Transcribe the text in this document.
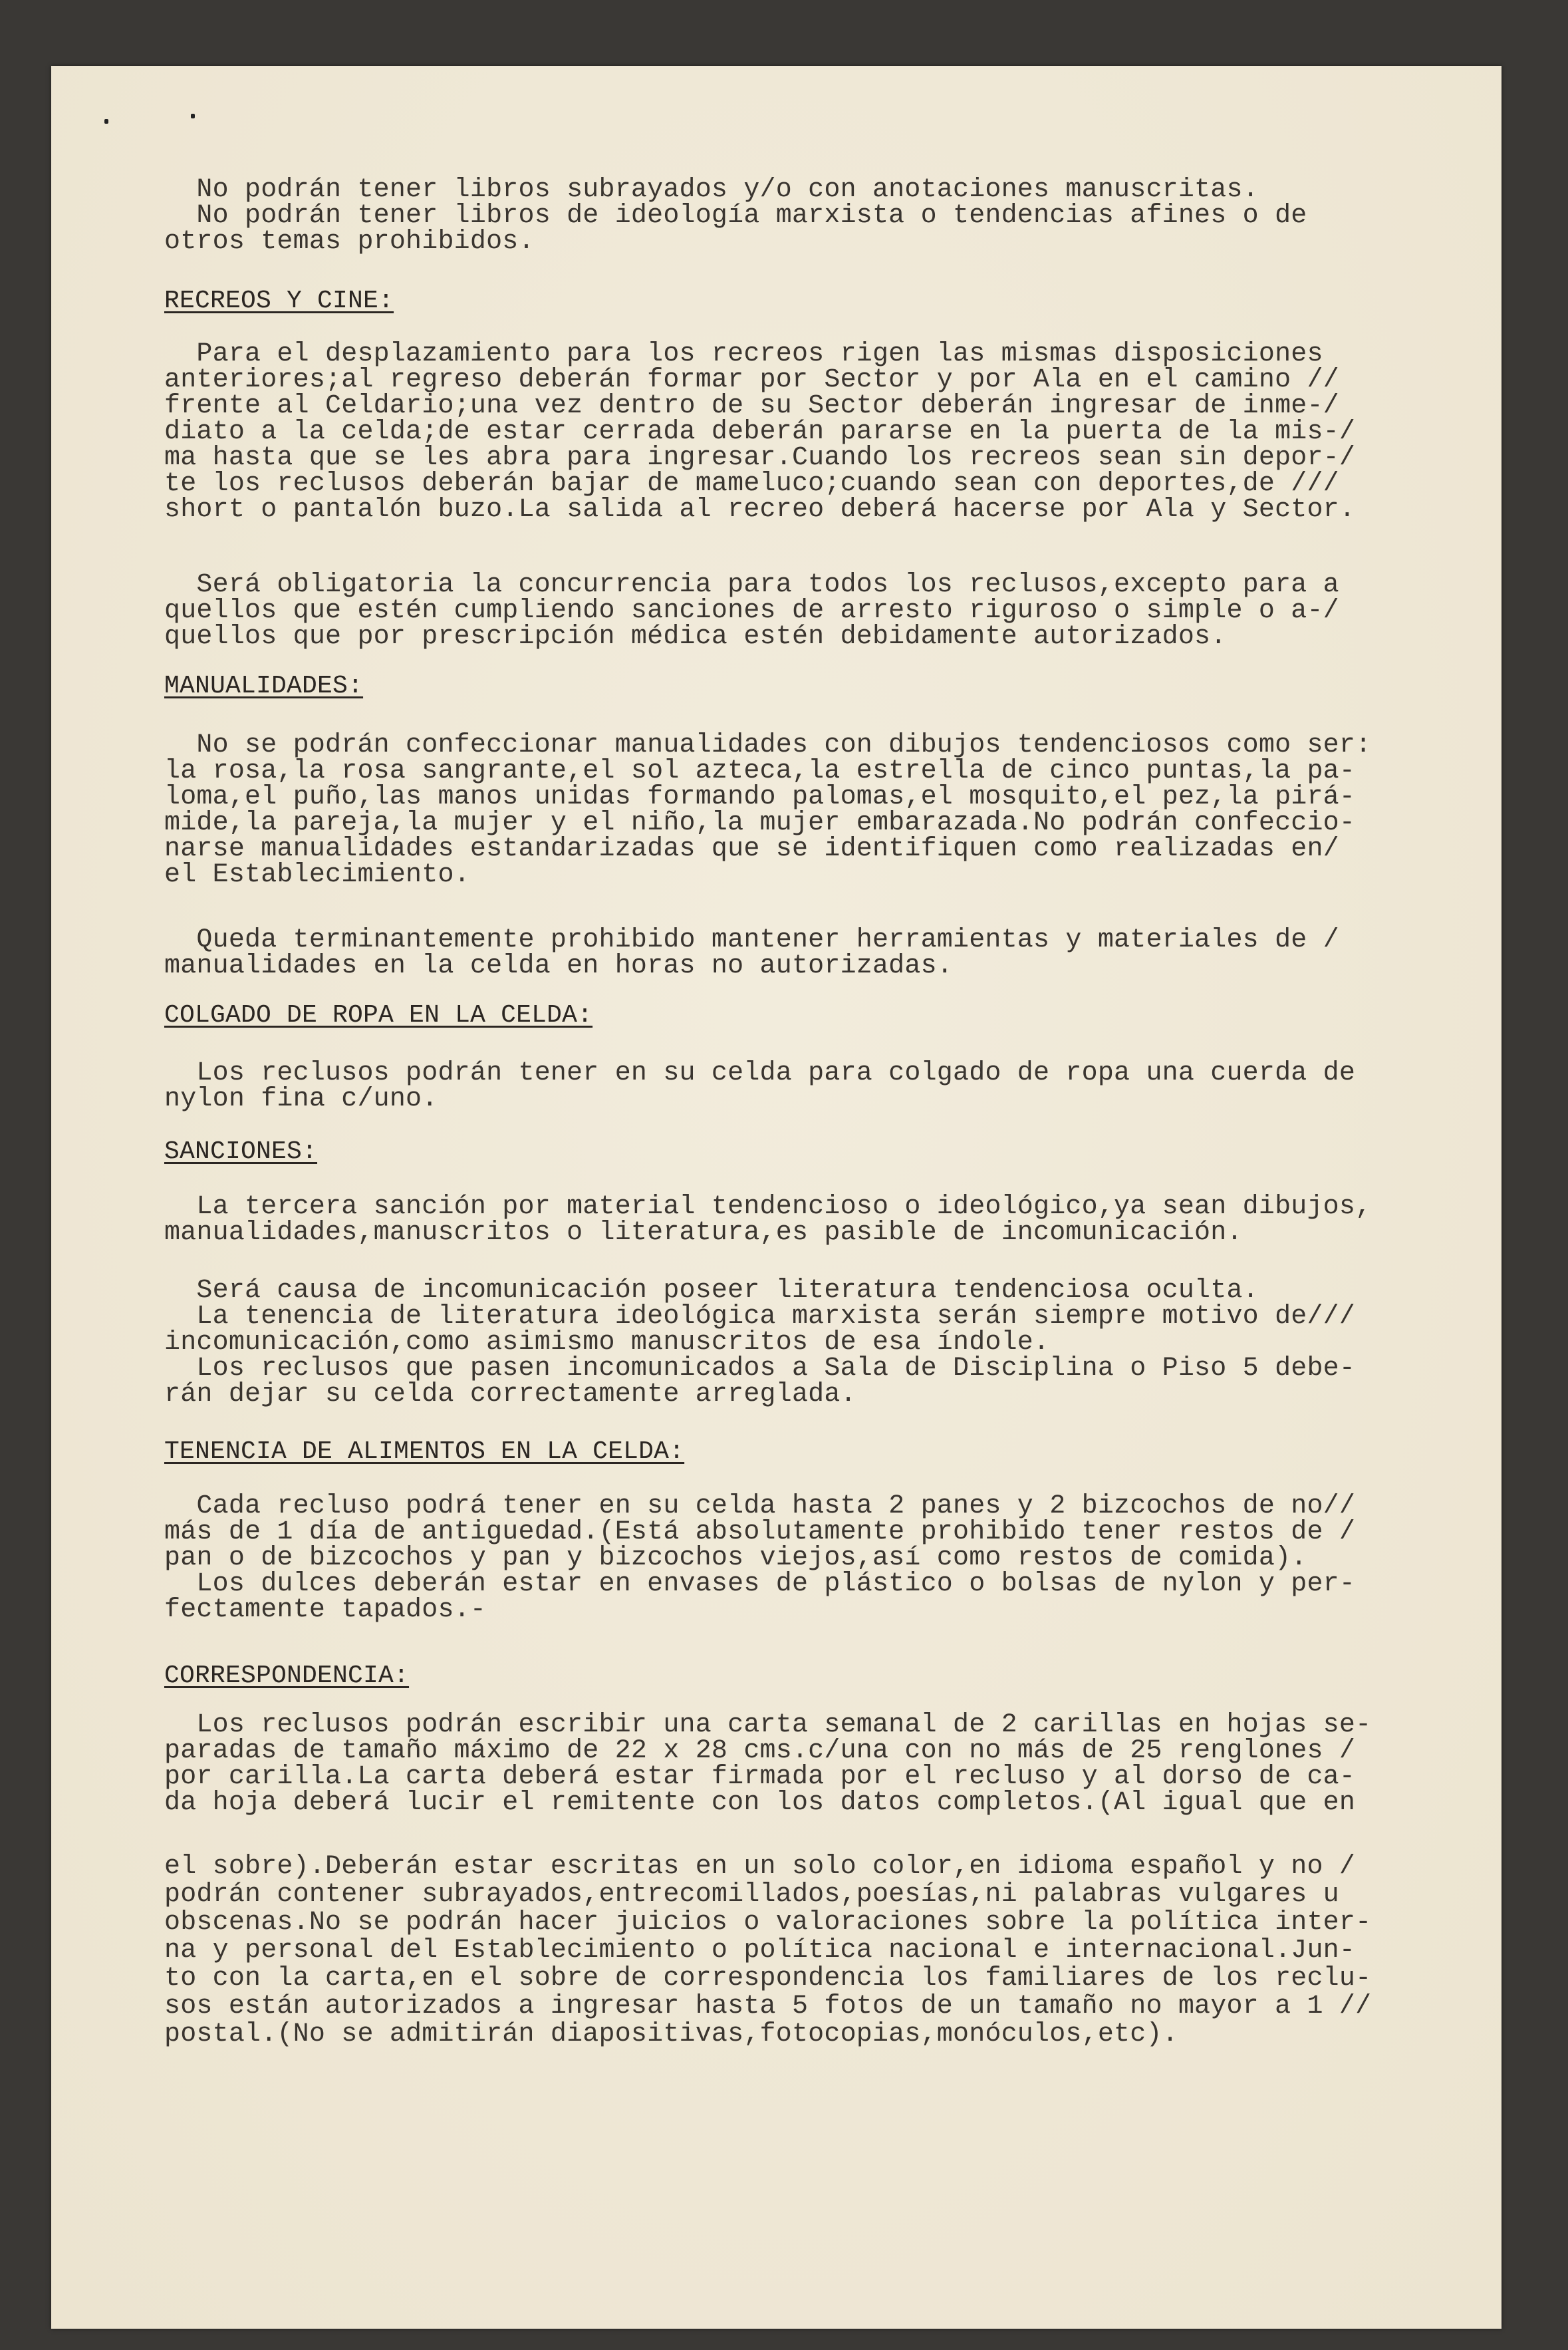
No podrán tener libros subrayados y/o con anotaciones manuscritas.
No podrán tener libros de ideología marxista o tendencias afines o de
otros temas prohibidos.
RECREOS Y CINE:
Para el desplazamiento para los recreos rigen las mismas disposiciones
anteriores;al regreso deberán formar por Sector y por Ala en el camino //
frente al Celdario;una vez dentro de su Sector deberán ingresar de inme-/
diato a la celda;de estar cerrada deberán pararse en la puerta de la mis-/
ma hasta que se les abra para ingresar.Cuando los recreos sean sin depor-/
te los reclusos deberán bajar de mameluco;cuando sean con deportes,de ///
short o pantalón buzo.La salida al recreo deberá hacerse por Ala y Sector.
Será obligatoria la concurrencia para todos los reclusos,excepto para a
quellos que estén cumpliendo sanciones de arresto riguroso o simple o a-/
quellos que por prescripción médica estén debidamente autorizados.
MANUALIDADES:
No se podrán confeccionar manualidades con dibujos tendenciosos como ser:
la rosa,la rosa sangrante,el sol azteca,la estrella de cinco puntas,la pa-
loma,el puño,las manos unidas formando palomas,el mosquito,el pez,la pirá-
mide,la pareja,la mujer y el niño,la mujer embarazada.No podrán confeccio-
narse manualidades estandarizadas que se identifiquen como realizadas en/
el Establecimiento.
Queda terminantemente prohibido mantener herramientas y materiales de /
manualidades en la celda en horas no autorizadas.
COLGADO DE ROPA EN LA CELDA:
Los reclusos podrán tener en su celda para colgado de ropa una cuerda de
nylon fina c/uno.
SANCIONES:
La tercera sanción por material tendencioso o ideológico,ya sean dibujos,
manualidades,manuscritos o literatura,es pasible de incomunicación.
Será causa de incomunicación poseer literatura tendenciosa oculta.
La tenencia de literatura ideológica marxista serán siempre motivo de///
incomunicación,como asimismo manuscritos de esa índole.
Los reclusos que pasen incomunicados a Sala de Disciplina o Piso 5 debe-
rán dejar su celda correctamente arreglada.
TENENCIA DE ALIMENTOS EN LA CELDA:
Cada recluso podrá tener en su celda hasta 2 panes y 2 bizcochos de no//
más de 1 día de antiguedad.(Está absolutamente prohibido tener restos de /
pan o de bizcochos y pan y bizcochos viejos,así como restos de comida).
Los dulces deberán estar en envases de plástico o bolsas de nylon y per-
fectamente tapados.-
CORRESPONDENCIA:
Los reclusos podrán escribir una carta semanal de 2 carillas en hojas se-
paradas de tamaño máximo de 22 x 28 cms.c/una con no más de 25 renglones /
por carilla.La carta deberá estar firmada por el recluso y al dorso de ca-
da hoja deberá lucir el remitente con los datos completos.(Al igual que en
el sobre).Deberán estar escritas en un solo color,en idioma español y no /
podrán contener subrayados,entrecomillados,poesías,ni palabras vulgares u
obscenas.No se podrán hacer juicios o valoraciones sobre la política inter-
na y personal del Establecimiento o política nacional e internacional.Jun-
to con la carta,en el sobre de correspondencia los familiares de los reclu-
sos están autorizados a ingresar hasta 5 fotos de un tamaño no mayor a 1 //
postal.(No se admitirán diapositivas,fotocopias,monóculos,etc).
